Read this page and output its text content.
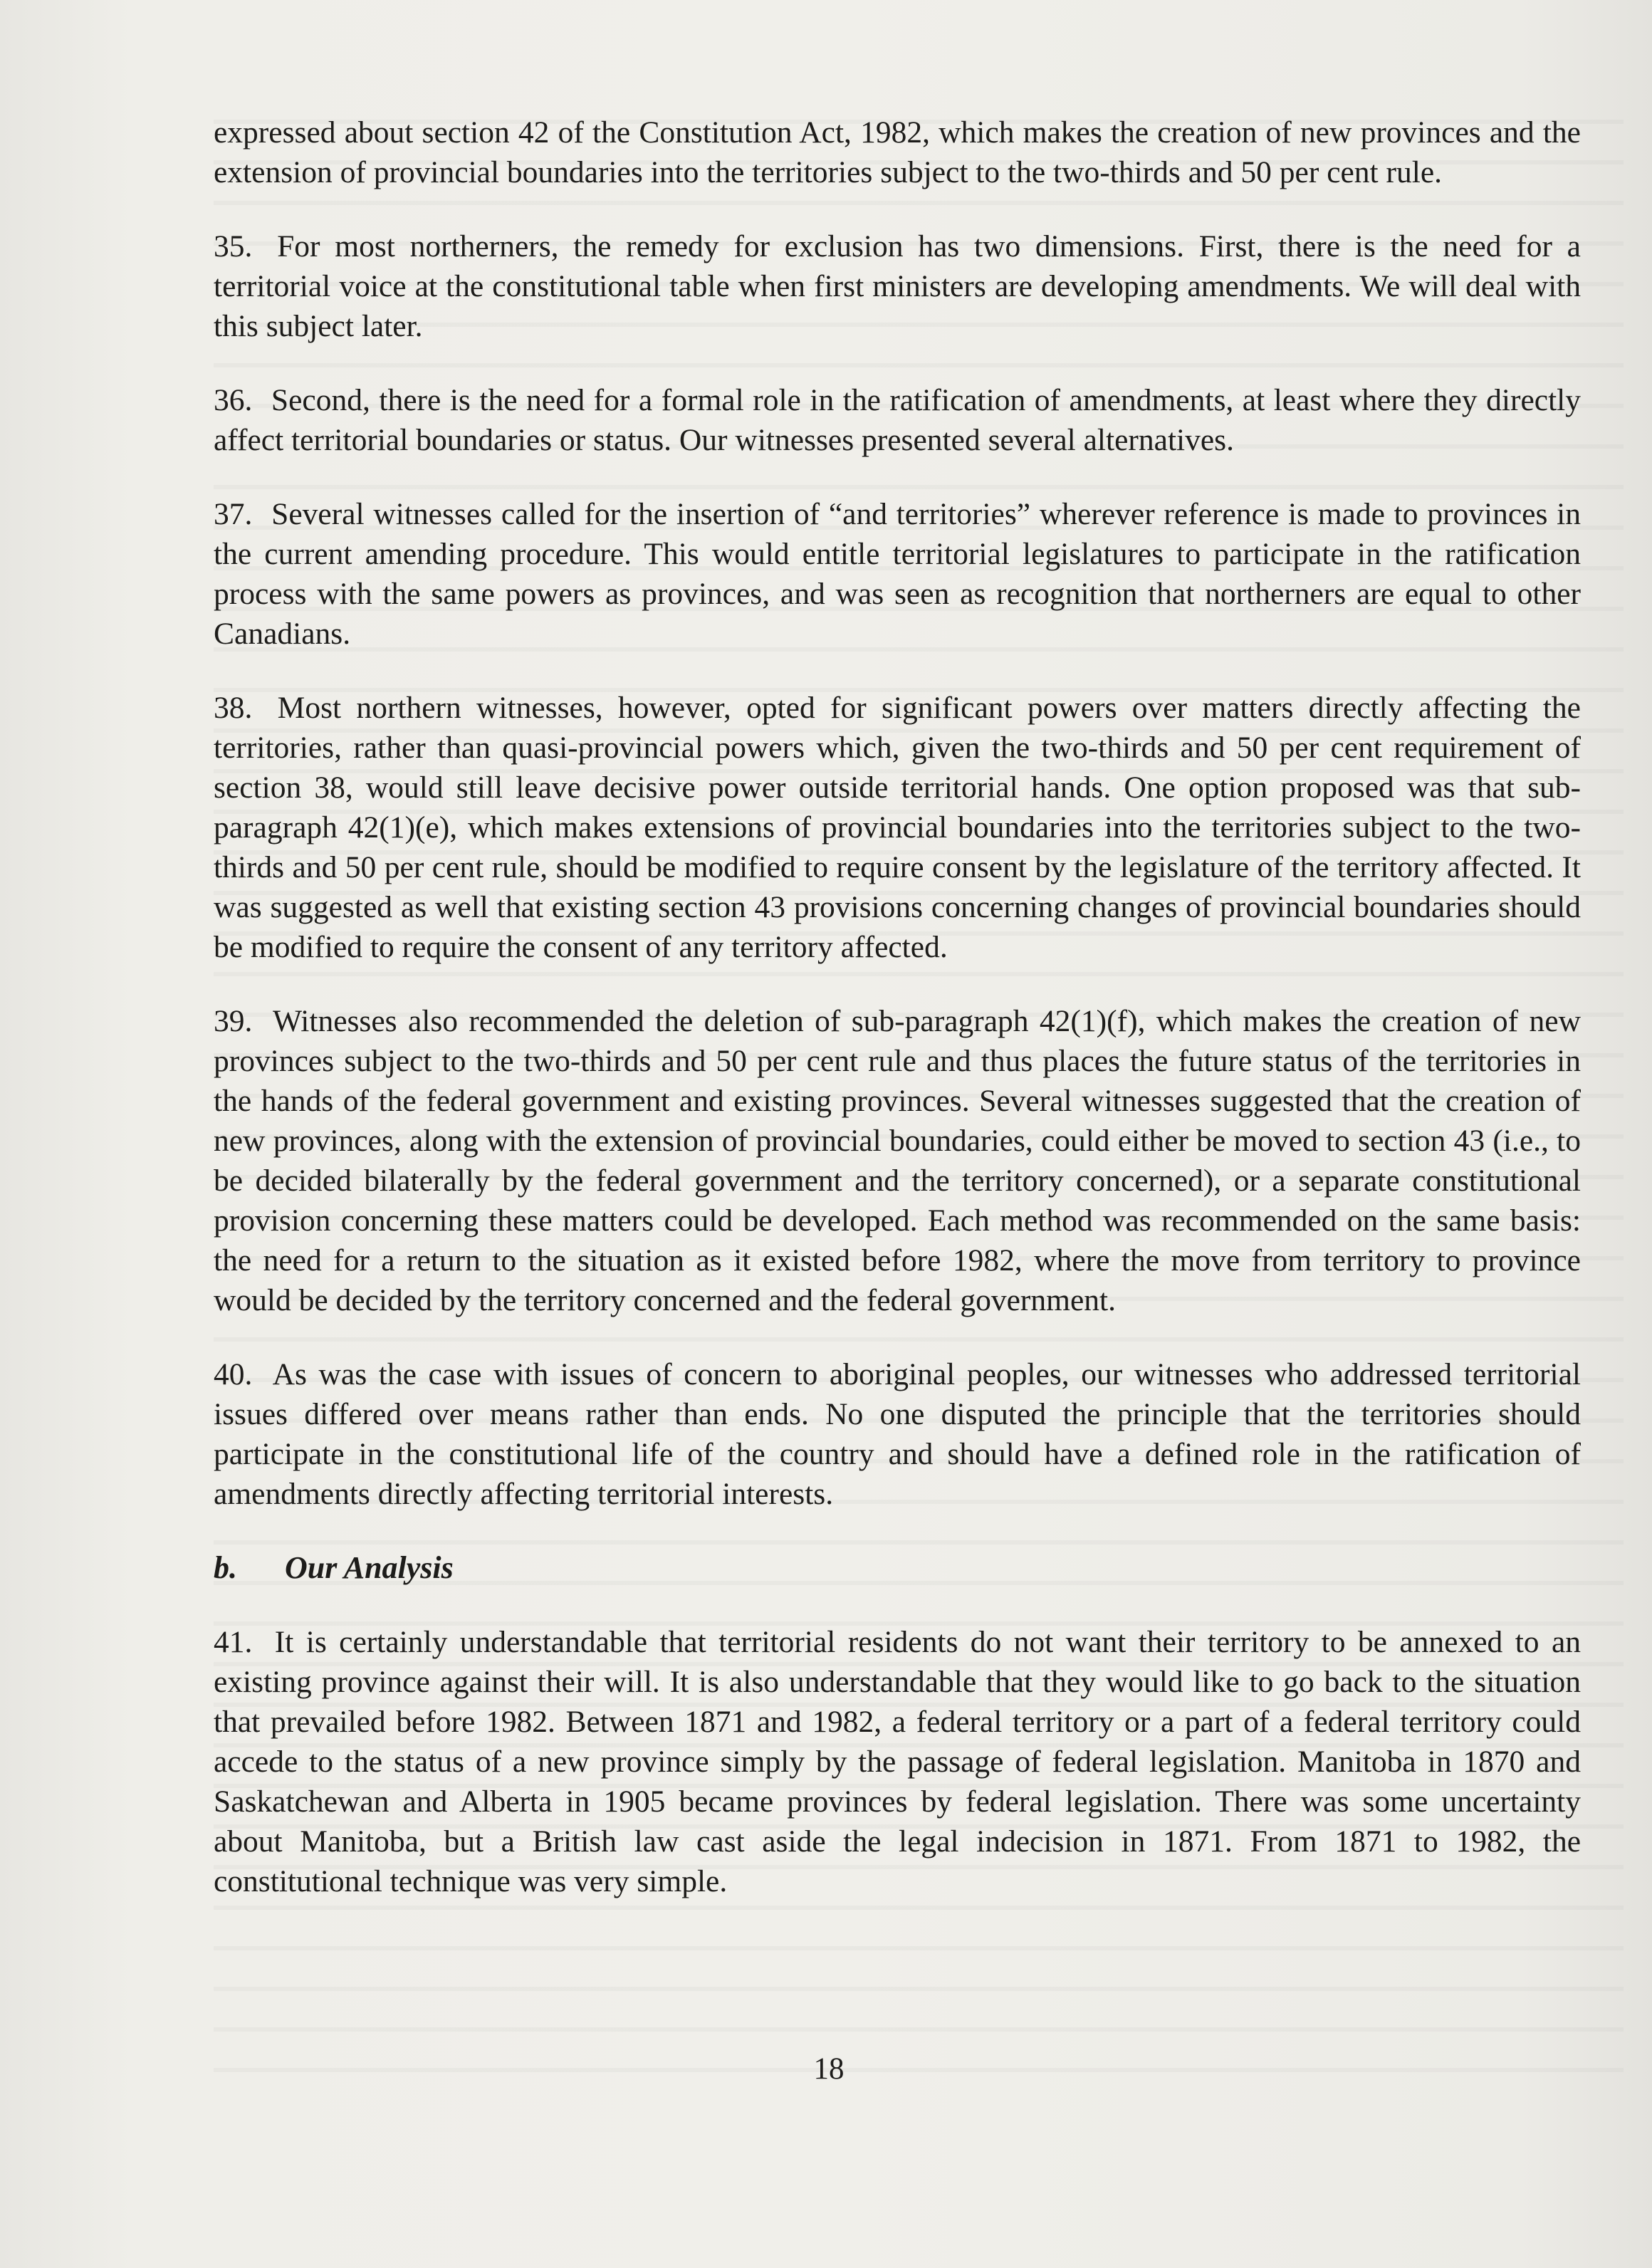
expressed about section 42 of the Constitution Act, 1982, which makes the creation of new provinces and the extension of provincial boundaries into the territories subject to the two-thirds and 50 per cent rule.

35. For most northerners, the remedy for exclusion has two dimensions. First, there is the need for a territorial voice at the constitutional table when first ministers are developing amendments. We will deal with this subject later.

36. Second, there is the need for a formal role in the ratification of amendments, at least where they directly affect territorial boundaries or status. Our witnesses presented several alternatives.

37. Several witnesses called for the insertion of “and territories” wherever reference is made to provinces in the current amending procedure. This would entitle territorial legislatures to participate in the ratification process with the same powers as provinces, and was seen as recognition that northerners are equal to other Canadians.

38. Most northern witnesses, however, opted for significant powers over matters directly affecting the territories, rather than quasi-provincial powers which, given the two-thirds and 50 per cent requirement of section 38, would still leave decisive power outside territorial hands. One option proposed was that sub-paragraph 42(1)(e), which makes extensions of provincial boundaries into the territories subject to the two-thirds and 50 per cent rule, should be modified to require consent by the legislature of the territory affected. It was suggested as well that existing section 43 provisions concerning changes of provincial boundaries should be modified to require the consent of any territory affected.

39. Witnesses also recommended the deletion of sub-paragraph 42(1)(f), which makes the creation of new provinces subject to the two-thirds and 50 per cent rule and thus places the future status of the territories in the hands of the federal government and existing provinces. Several witnesses suggested that the creation of new provinces, along with the extension of provincial boundaries, could either be moved to section 43 (i.e., to be decided bilaterally by the federal government and the territory concerned), or a separate constitutional provision concerning these matters could be developed. Each method was recommended on the same basis: the need for a return to the situation as it existed before 1982, where the move from territory to province would be decided by the territory concerned and the federal government.

40. As was the case with issues of concern to aboriginal peoples, our witnesses who addressed territorial issues differed over means rather than ends. No one disputed the principle that the territories should participate in the constitutional life of the country and should have a defined role in the ratification of amendments directly affecting territorial interests.

b. Our Analysis

41. It is certainly understandable that territorial residents do not want their territory to be annexed to an existing province against their will. It is also understandable that they would like to go back to the situation that prevailed before 1982. Between 1871 and 1982, a federal territory or a part of a federal territory could accede to the status of a new province simply by the passage of federal legislation. Manitoba in 1870 and Saskatchewan and Alberta in 1905 became provinces by federal legislation. There was some uncertainty about Manitoba, but a British law cast aside the legal indecision in 1871. From 1871 to 1982, the constitutional technique was very simple.

18
